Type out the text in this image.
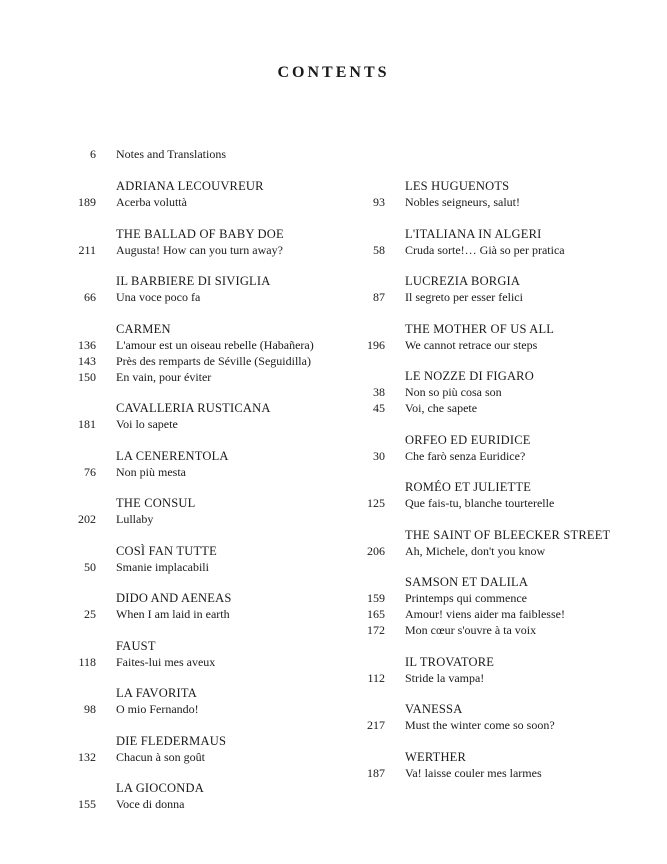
CONTENTS
6	Notes and Translations
ADRIANA LECOUVREUR
189	Acerba voluttà
THE BALLAD OF BABY DOE
211	Augusta! How can you turn away?
IL BARBIERE DI SIVIGLIA
66	Una voce poco fa
CARMEN
136	L'amour est un oiseau rebelle (Habañera)
143	Près des remparts de Séville (Seguidilla)
150	En vain, pour éviter
CAVALLERIA RUSTICANA
181	Voi lo sapete
LA CENERENTOLA
76	Non più mesta
THE CONSUL
202	Lullaby
COSÌ FAN TUTTE
50	Smanie implacabili
DIDO AND AENEAS
25	When I am laid in earth
FAUST
118	Faites-lui mes aveux
LA FAVORITA
98	O mio Fernando!
DIE FLEDERMAUS
132	Chacun à son goût
LA GIOCONDA
155	Voce di donna
LES HUGUENOTS
93	Nobles seigneurs, salut!
L'ITALIANA IN ALGERI
58	Cruda sorte!… Già so per pratica
LUCREZIA BORGIA
87	Il segreto per esser felici
THE MOTHER OF US ALL
196	We cannot retrace our steps
LE NOZZE DI FIGARO
38	Non so più cosa son
45	Voi, che sapete
ORFEO ED EURIDICE
30	Che farò senza Euridice?
ROMÉO ET JULIETTE
125	Que fais-tu, blanche tourterelle
THE SAINT OF BLEECKER STREET
206	Ah, Michele, don't you know
SAMSON ET DALILA
159	Printemps qui commence
165	Amour! viens aider ma faiblesse!
172	Mon cœur s'ouvre à ta voix
IL TROVATORE
112	Stride la vampa!
VANESSA
217	Must the winter come so soon?
WERTHER
187	Va! laisse couler mes larmes
